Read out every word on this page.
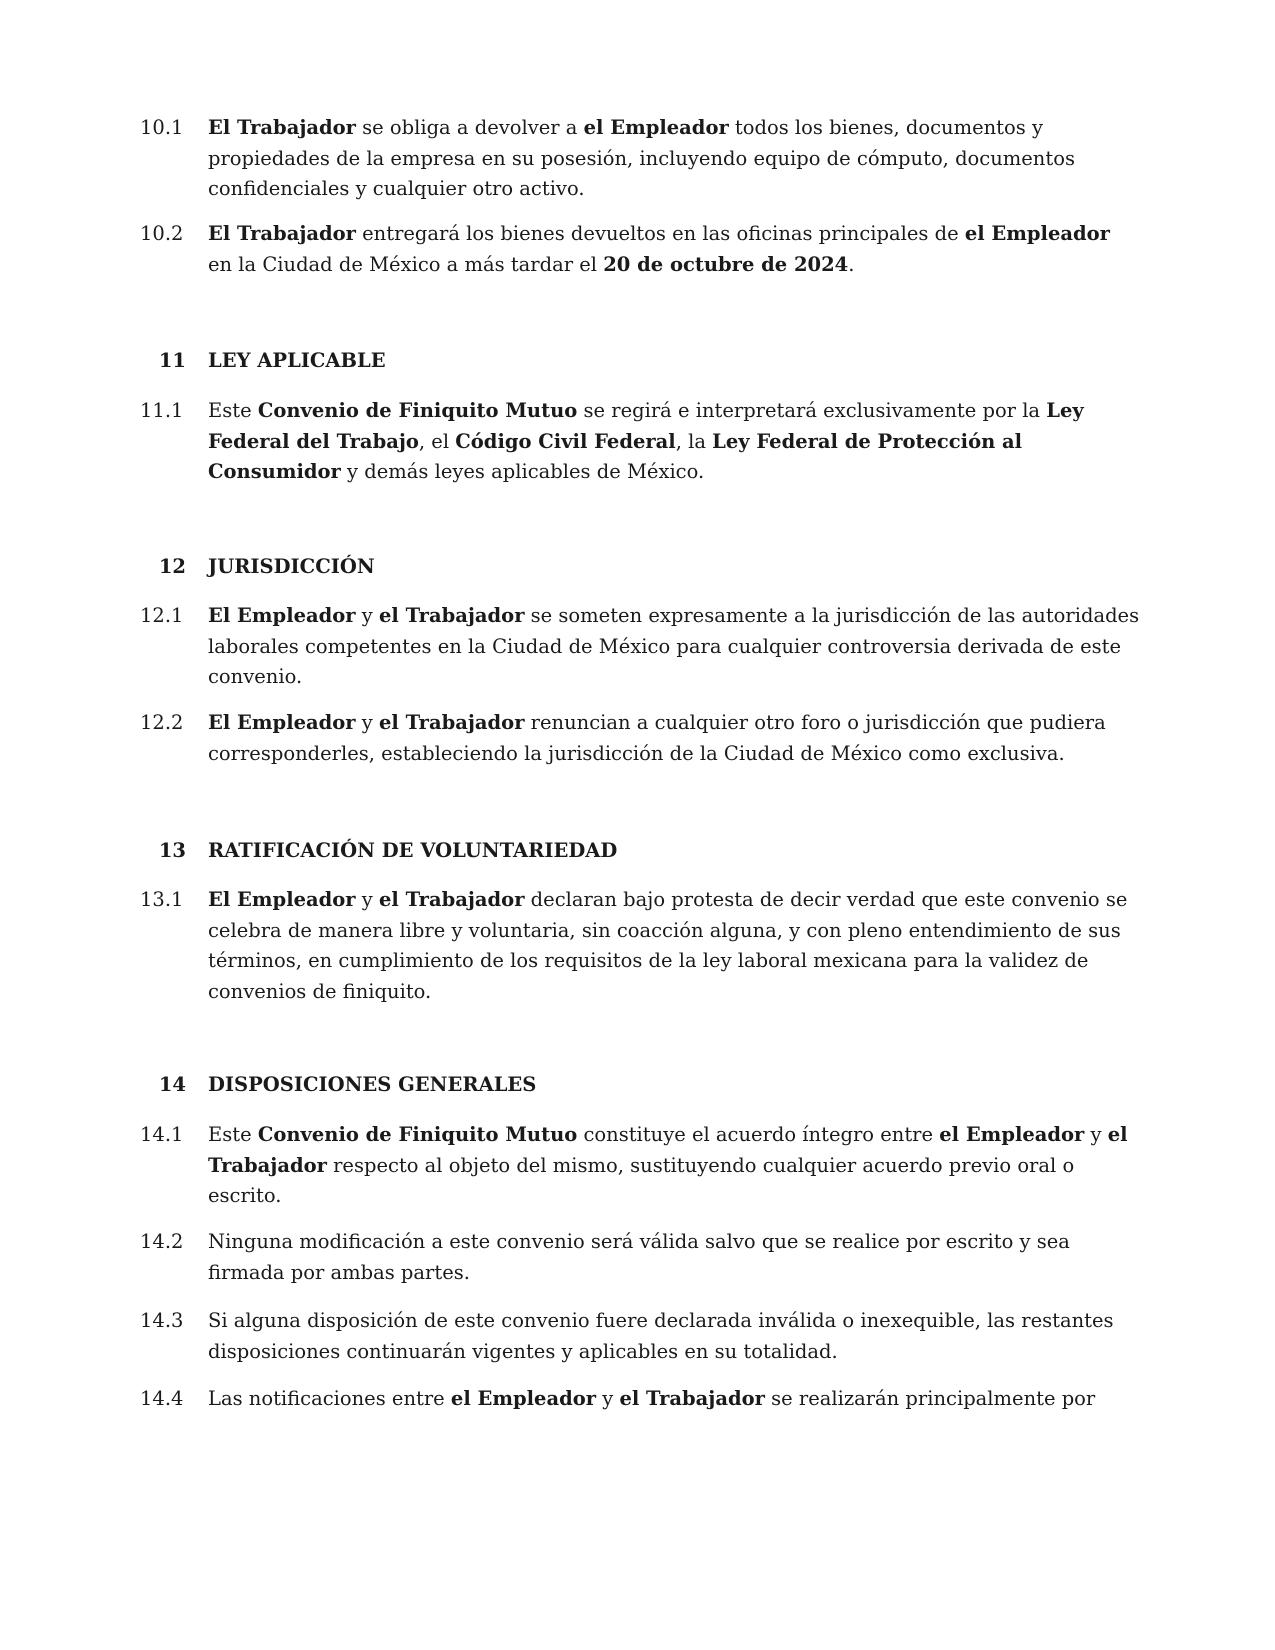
10.1	El Trabajador se obliga a devolver a el Empleador todos los bienes, documentos y propiedades de la empresa en su posesión, incluyendo equipo de cómputo, documentos confidenciales y cualquier otro activo.
10.2	El Trabajador entregará los bienes devueltos en las oficinas principales de el Empleador en la Ciudad de México a más tardar el 20 de octubre de 2024.
11	LEY APLICABLE
11.1	Este Convenio de Finiquito Mutuo se regirá e interpretará exclusivamente por la Ley Federal del Trabajo, el Código Civil Federal, la Ley Federal de Protección al Consumidor y demás leyes aplicables de México.
12	JURISDICCIÓN
12.1	El Empleador y el Trabajador se someten expresamente a la jurisdicción de las autoridades laborales competentes en la Ciudad de México para cualquier controversia derivada de este convenio.
12.2	El Empleador y el Trabajador renuncian a cualquier otro foro o jurisdicción que pudiera corresponderles, estableciendo la jurisdicción de la Ciudad de México como exclusiva.
13	RATIFICACIÓN DE VOLUNTARIEDAD
13.1	El Empleador y el Trabajador declaran bajo protesta de decir verdad que este convenio se celebra de manera libre y voluntaria, sin coacción alguna, y con pleno entendimiento de sus términos, en cumplimiento de los requisitos de la ley laboral mexicana para la validez de convenios de finiquito.
14	DISPOSICIONES GENERALES
14.1	Este Convenio de Finiquito Mutuo constituye el acuerdo íntegro entre el Empleador y el Trabajador respecto al objeto del mismo, sustituyendo cualquier acuerdo previo oral o escrito.
14.2	Ninguna modificación a este convenio será válida salvo que se realice por escrito y sea firmada por ambas partes.
14.3	Si alguna disposición de este convenio fuere declarada inválida o inexequible, las restantes disposiciones continuarán vigentes y aplicables en su totalidad.
14.4	Las notificaciones entre el Empleador y el Trabajador se realizarán principalmente por
